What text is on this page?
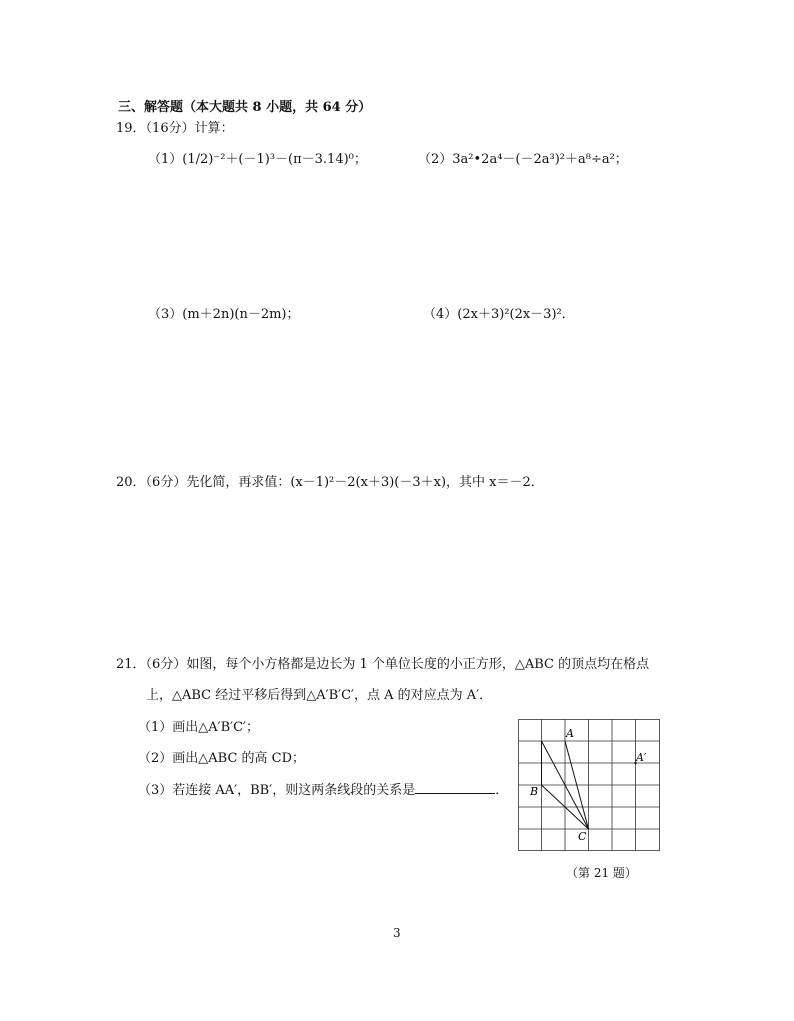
三、解答题（本大题共 8 小题，共 64 分）
19．（16分）计算：
（1）(1/2)⁻²＋(－1)³－(π－3.14)⁰；	（2）3a²•2a⁴－(－2a³)²＋a⁸÷a²；
（3）(m＋2n)(n－2m)；	（4）(2x＋3)²(2x－3)²．
20．（6分）先化简，再求值：(x－1)²－2(x＋3)(－3＋x)，其中 x＝－2．
21．（6分）如图，每个小方格都是边长为 1 个单位长度的小正方形，△ABC 的顶点均在格点
上，△ABC 经过平移后得到△A′B′C′，点 A 的对应点为 A′．
（1）画出△A′B′C′；
（2）画出△ABC 的高 CD；
（3）若连接 AA′，BB′，则这两条线段的关系是	．
A
A′
B
C
（第 21 题）
3
